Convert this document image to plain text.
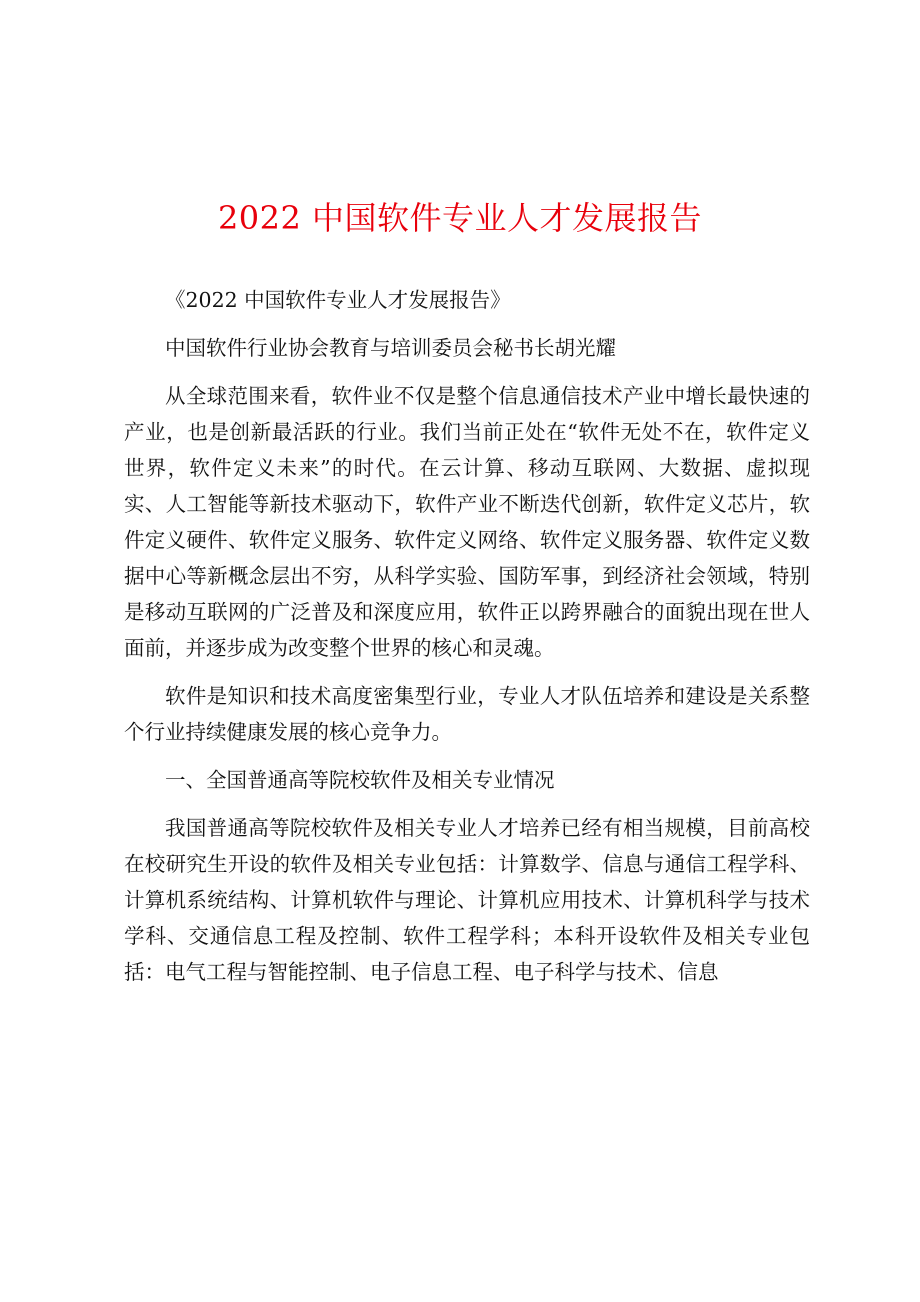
2022 中国软件专业人才发展报告

《2022 中国软件专业人才发展报告》

中国软件行业协会教育与培训委员会秘书长胡光耀

从全球范围来看，软件业不仅是整个信息通信技术产业中增长最快速的产业，也是创新最活跃的行业。我们当前正处在“软件无处不在，软件定义世界，软件定义未来”的时代。在云计算、移动互联网、大数据、虚拟现实、人工智能等新技术驱动下，软件产业不断迭代创新，软件定义芯片，软件定义硬件、软件定义服务、软件定义网络、软件定义服务器、软件定义数据中心等新概念层出不穷，从科学实验、国防军事，到经济社会领域，特别是移动互联网的广泛普及和深度应用，软件正以跨界融合的面貌出现在世人面前，并逐步成为改变整个世界的核心和灵魂。

软件是知识和技术高度密集型行业，专业人才队伍培养和建设是关系整个行业持续健康发展的核心竞争力。

一、全国普通高等院校软件及相关专业情况

我国普通高等院校软件及相关专业人才培养已经有相当规模，目前高校在校研究生开设的软件及相关专业包括：计算数学、信息与通信工程学科、计算机系统结构、计算机软件与理论、计算机应用技术、计算机科学与技术学科、交通信息工程及控制、软件工程学科；本科开设软件及相关专业包括：电气工程与智能控制、电子信息工程、电子科学与技术、信息
